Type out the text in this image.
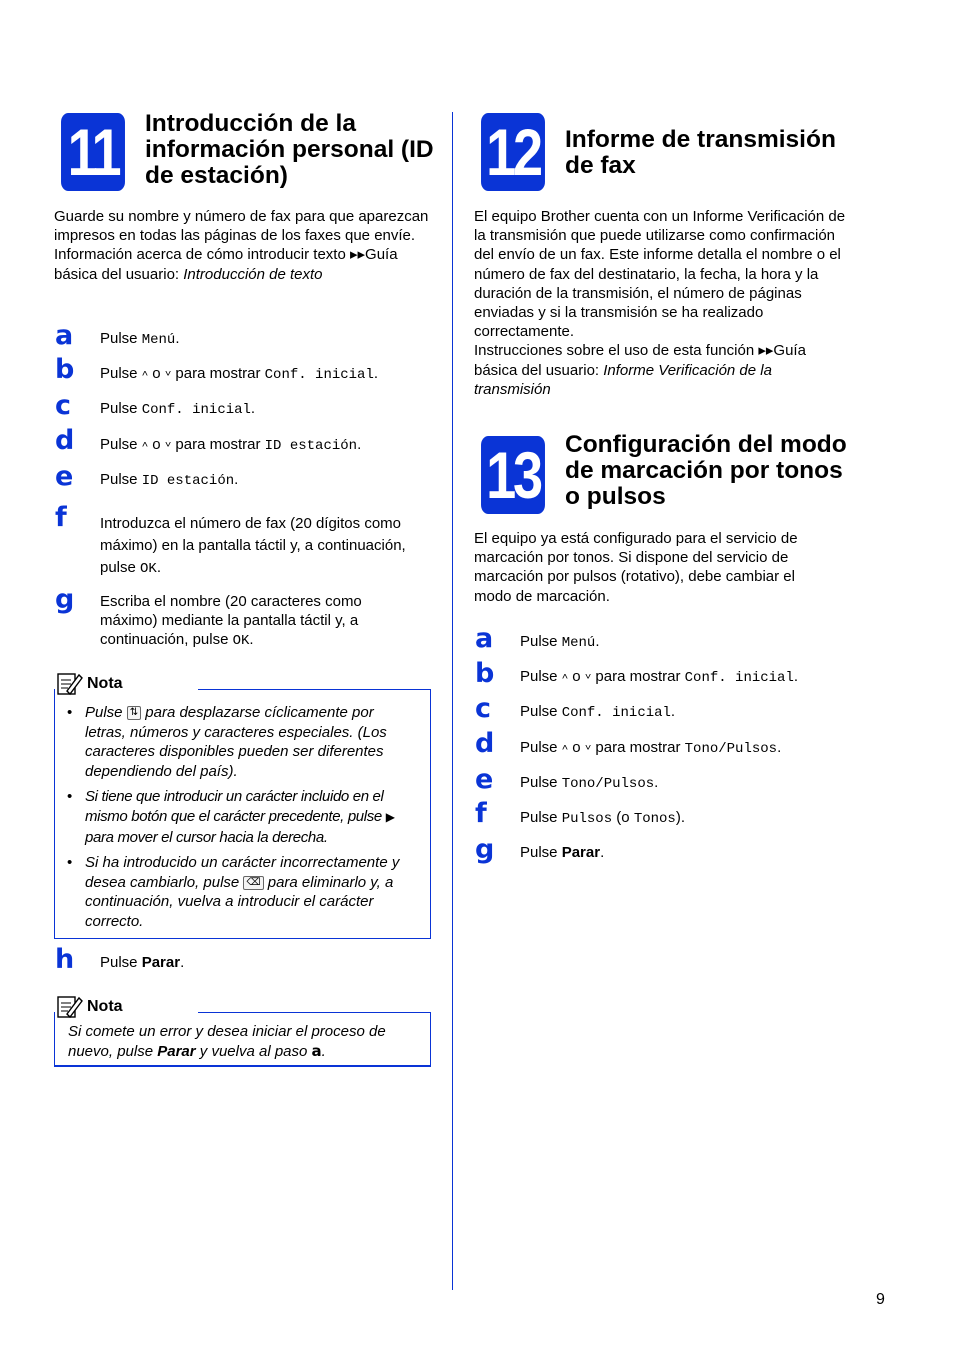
11 Introducción de la información personal (ID de estación)
Guarde su nombre y número de fax para que aparezcan impresos en todas las páginas de los faxes que envíe.
Información acerca de cómo introducir texto ▸▸Guía básica del usuario: Introducción de texto
a Pulse Menú.
b Pulse ˄ o ˅ para mostrar Conf. inicial.
c Pulse Conf. inicial.
d Pulse ˄ o ˅ para mostrar ID estación.
e Pulse ID estación.
f Introduzca el número de fax (20 dígitos como máximo) en la pantalla táctil y, a continuación, pulse OK.
g Escriba el nombre (20 caracteres como máximo) mediante la pantalla táctil y, a continuación, pulse OK.
Nota
• Pulse ⇅ para desplazarse cíclicamente por letras, números y caracteres especiales. (Los caracteres disponibles pueden ser diferentes dependiendo del país).
• Si tiene que introducir un carácter incluido en el mismo botón que el carácter precedente, pulse ▶ para mover el cursor hacia la derecha.
• Si ha introducido un carácter incorrectamente y desea cambiarlo, pulse ⌫ para eliminarlo y, a continuación, vuelva a introducir el carácter correcto.
h Pulse Parar.
Nota
Si comete un error y desea iniciar el proceso de nuevo, pulse Parar y vuelva al paso a.
12 Informe de transmisión de fax
El equipo Brother cuenta con un Informe Verificación de la transmisión que puede utilizarse como confirmación del envío de un fax. Este informe detalla el nombre o el número de fax del destinatario, la fecha, la hora y la duración de la transmisión, el número de páginas enviadas y si la transmisión se ha realizado correctamente.
Instrucciones sobre el uso de esta función ▸▸Guía básica del usuario: Informe Verificación de la transmisión
13 Configuración del modo de marcación por tonos o pulsos
El equipo ya está configurado para el servicio de marcación por tonos. Si dispone del servicio de marcación por pulsos (rotativo), debe cambiar el modo de marcación.
a Pulse Menú.
b Pulse ˄ o ˅ para mostrar Conf. inicial.
c Pulse Conf. inicial.
d Pulse ˄ o ˅ para mostrar Tono/Pulsos.
e Pulse Tono/Pulsos.
f Pulse Pulsos (o Tonos).
g Pulse Parar.
9
